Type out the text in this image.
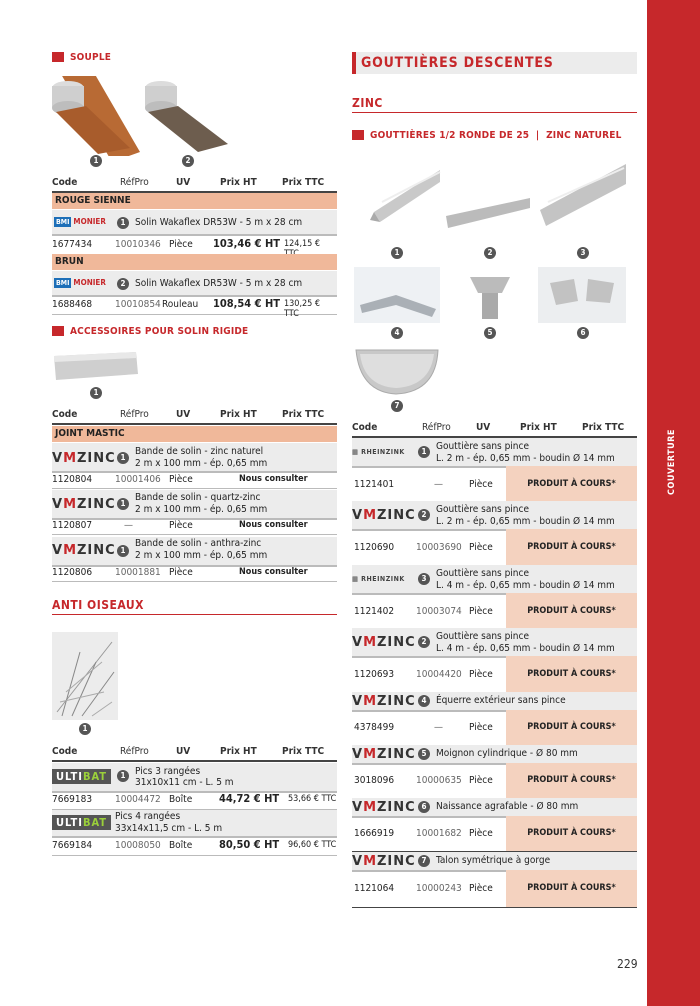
SOUPLE
1	2
Code	RéfPro	UV	Prix HT	Prix TTC
ROUGE SIENNE
BMI MONIER	1 Solin Wakaflex DR53W - 5 m x 28 cm
1677434 10010346 Pièce 103,46 € HT 124,15 €
BRUN
BMI MONIER	2 Solin Wakaflex DR53W - 5 m x 28 cm
1688468 10010854 Rouleau 108,54 € HT 130,25 € TTC
ACCESSOIRES POUR SOLIN RIGIDE
1
Code	RéfPro	UV	Prix HT	Prix TTC
JOINT MASTIC
VMZINC 1
Bande de solin - zinc naturel
2 m x 100 mm - ép. 0,65 mm
1120804 10001406 Pièce	Nous consulter
VMZINC 1
Bande de solin - quartz-zinc
2 m x 100 mm - ép. 0,65 mm
1120807	—	Pièce	Nous consulter
VMZINC 1
Bande de solin - anthra-zinc
2 m x 100 mm - ép. 0,65 mm
1120806 10001881 Pièce	Nous consulter
ANTI OISEAUX
1
Code	RéfPro	UV	Prix HT	Prix TTC
ULTIBAT	1 Pics 3 rangées
31x10x11 cm - L. 5 m
7669183 10004472 Boîte 44,72 € HT 53,66 € TTC
ULTIBAT Pics 4 rangées
33x14x11,5 cm - L. 5 m
7669184 10008050 Boîte 80,50 € HT 96,60 € TTC
GOUTTIÈRES DESCENTES
ZINC
GOUTTIÈRES 1/2 RONDE DE 25  |  ZINC NATUREL
1	2	3
4	5	6
7
Code	RéfPro	UV	Prix HT	Prix TTC
▦ RHEINZINK	1 Gouttière sans pince
L. 2 m - ép. 0,65 mm - boudin Ø 14 mm
1121401	—	Pièce	PRODUIT À COURS*
VMZINC 2 Gouttière sans pince
L. 2 m - ép. 0,65 mm - boudin Ø 14 mm
1120690 10003690 Pièce	PRODUIT À COURS*
▦ RHEINZINK	3 Gouttière sans pince
L. 4 m - ép. 0,65 mm - boudin Ø 14 mm
1121402 10003074 Pièce	PRODUIT À COURS*
VMZINC 2 Gouttière sans pince
L. 4 m - ép. 0,65 mm - boudin Ø 14 mm
1120693 10004420 Pièce	PRODUIT À COURS*
VMZINC 4 Équerre extérieur sans pince
4378499	—	Pièce	PRODUIT À COURS*
VMZINC 5 Moignon cylindrique - Ø 80 mm
3018096 10000635 Pièce	PRODUIT À COURS*
VMZINC 6 Naissance agrafable - Ø 80 mm
1666919 10001682 Pièce	PRODUIT À COURS*
VMZINC 7 Talon symétrique à gorge
1121064 10000243 Pièce	PRODUIT À COURS*
229
COUVERTURE
